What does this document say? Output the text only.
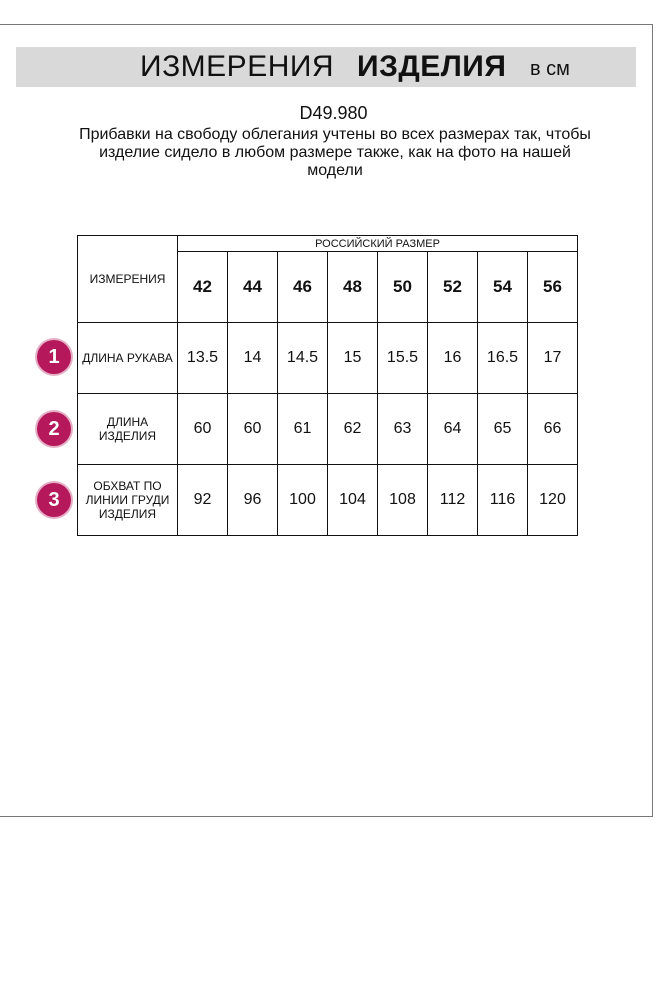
ИЗМЕРЕНИЯ ИЗДЕЛИЯ в см
D49.980
Прибавки на свободу облегания учтены во всех размерах так, чтобы изделие сидело в любом размере также, как на фото на нашей модели
ИЗМЕРЕНИЯ	РОССИЙСКИЙ РАЗМЕР							
	42	44	46	48	50	52	54	56
ДЛИНА РУКАВА	13.5	14	14.5	15	15.5	16	16.5	17
ДЛИНА ИЗДЕЛИЯ	60	60	61	62	63	64	65	66
ОБХВАТ ПО ЛИНИИ ГРУДИ ИЗДЕЛИЯ	92	96	100	104	108	112	116	120
1
2
3
